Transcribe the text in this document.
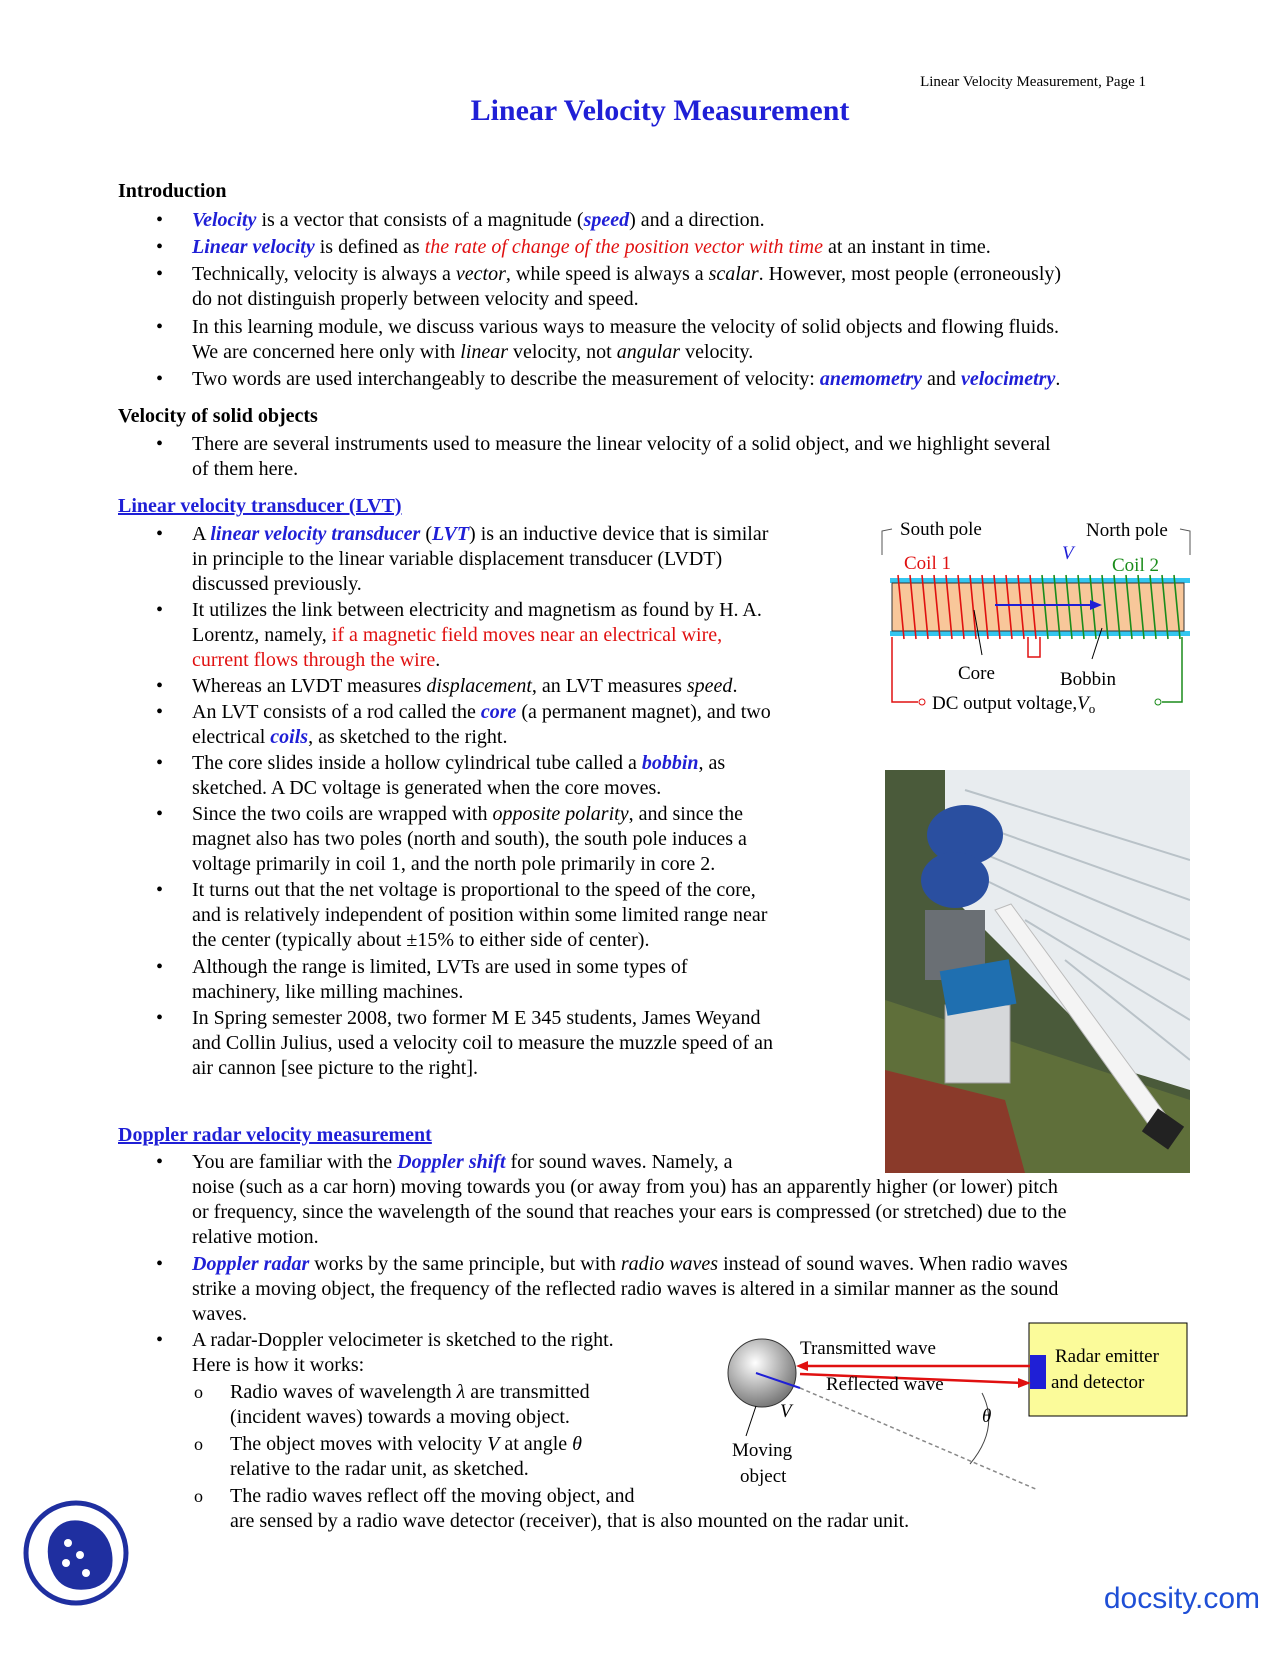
Linear Velocity Measurement, Page 1
Linear Velocity Measurement
Introduction
• Velocity is a vector that consists of a magnitude (speed) and a direction.
• Linear velocity is defined as the rate of change of the position vector with time at an instant in time.
• Technically, velocity is always a vector, while speed is always a scalar. However, most people (erroneously)
do not distinguish properly between velocity and speed.
• In this learning module, we discuss various ways to measure the velocity of solid objects and flowing fluids.
We are concerned here only with linear velocity, not angular velocity.
• Two words are used interchangeably to describe the measurement of velocity: anemometry and velocimetry.
Velocity of solid objects
• There are several instruments used to measure the linear velocity of a solid object, and we highlight several
of them here.
Linear velocity transducer (LVT)
• A linear velocity transducer (LVT) is an inductive device that is similar
in principle to the linear variable displacement transducer (LVDT)
discussed previously.
• It utilizes the link between electricity and magnetism as found by H. A.
Lorentz, namely, if a magnetic field moves near an electrical wire,
current flows through the wire.
• Whereas an LVDT measures displacement, an LVT measures speed.
• An LVT consists of a rod called the core (a permanent magnet), and two
electrical coils, as sketched to the right.
• The core slides inside a hollow cylindrical tube called a bobbin, as
sketched. A DC voltage is generated when the core moves.
• Since the two coils are wrapped with opposite polarity, and since the
magnet also has two poles (north and south), the south pole induces a
voltage primarily in coil 1, and the north pole primarily in core 2.
• It turns out that the net voltage is proportional to the speed of the core,
and is relatively independent of position within some limited range near
the center (typically about ±15% to either side of center).
• Although the range is limited, LVTs are used in some types of
machinery, like milling machines.
• In Spring semester 2008, two former M E 345 students, James Weyand
and Collin Julius, used a velocity coil to measure the muzzle speed of an
air cannon [see picture to the right].
South pole	North pole
Coil 1	Coil 2
V
Core	Bobbin
DC output $voltage,V_o$
Doppler radar velocity measurement
• You are familiar with the Doppler shift for sound waves. Namely, a
noise (such as a car horn) moving towards you (or away from you) has an apparently higher (or lower) pitch
or frequency, since the wavelength of the sound that reaches your ears is compressed (or stretched) due to the
relative motion.
• Doppler radar works by the same principle, but with radio waves instead of sound waves. When radio waves
strike a moving object, the frequency of the reflected radio waves is altered in a similar manner as the sound
waves.
• A radar-Doppler velocimeter is sketched to the right.
Here is how it works:
o Radio waves of wavelength λ are transmitted
(incident waves) towards a moving object.
o The object moves with velocity V at angle θ
relative to the radar unit, as sketched.
o The radio waves reflect off the moving object, and
are sensed by a radio wave detector (receiver), that is also mounted on the radar unit.
Radar emitter
and detector
Transmitted wave
Reflected wave
V	θ
Moving
object
docsity.com
